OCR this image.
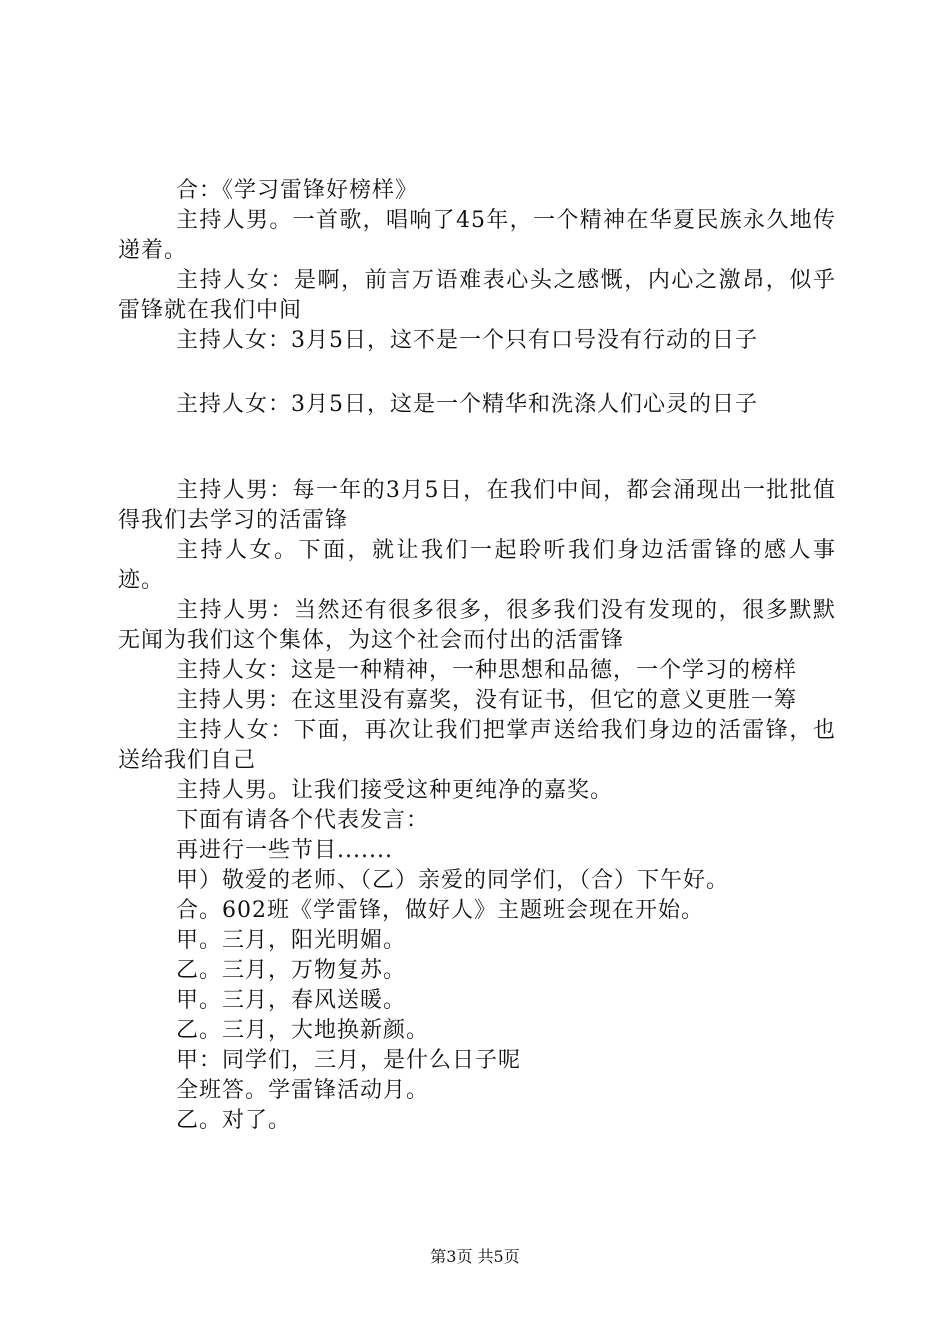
合：《学习雷锋好榜样》

主持人男。一首歌，唱响了45年，一个精神在华夏民族永久地传递着。

主持人女：是啊，前言万语难表心头之感慨，内心之激昂，似乎雷锋就在我们中间

主持人女：3月5日，这不是一个只有口号没有行动的日子

主持人女：3月5日，这是一个精华和洗涤人们心灵的日子

主持人男：每一年的3月5日，在我们中间，都会涌现出一批批值得我们去学习的活雷锋

主持人女。下面，就让我们一起聆听我们身边活雷锋的感人事迹。

主持人男：当然还有很多很多，很多我们没有发现的，很多默默无闻为我们这个集体，为这个社会而付出的活雷锋

主持人女：这是一种精神，一种思想和品德，一个学习的榜样

主持人男：在这里没有嘉奖，没有证书，但它的意义更胜一筹

主持人女：下面，再次让我们把掌声送给我们身边的活雷锋，也送给我们自己

主持人男。让我们接受这种更纯净的嘉奖。

下面有请各个代表发言：

再进行一些节目.......

甲）敬爱的老师、（乙）亲爱的同学们，（合）下午好。

合。602班《学雷锋，做好人》主题班会现在开始。

甲。三月，阳光明媚。

乙。三月，万物复苏。

甲。三月，春风送暖。

乙。三月，大地换新颜。

甲：同学们，三月，是什么日子呢

全班答。学雷锋活动月。

乙。对了。

第3页 共5页
